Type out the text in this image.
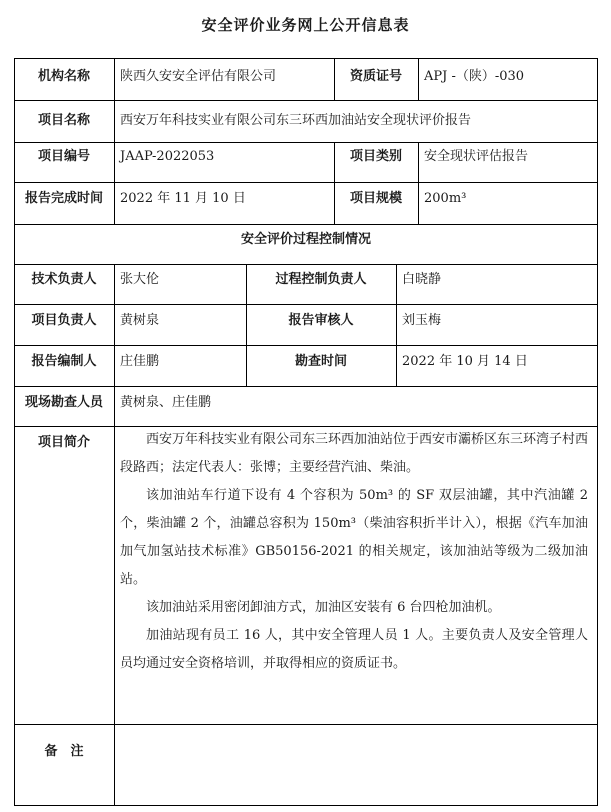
安全评价业务网上公开信息表
机构名称	陕西久安安全评估有限公司	资质证号	APJ -（陕）-030
项目名称	西安万年科技实业有限公司东三环西加油站安全现状评价报告
项目编号	JAAP-2022053	项目类别	安全现状评估报告
报告完成时间	2022 年 11 月 10 日	项目规模	200m³
安全评价过程控制情况
技术负责人	张大伦	过程控制负责人	白晓静
项目负责人	黄树泉	报告审核人	刘玉梅
报告编制人	庄佳鹏	勘查时间	2022 年 10 月 14 日
现场勘查人员	黄树泉、庄佳鹏
项目简介	西安万年科技实业有限公司东三环西加油站位于西安市灞桥区东三环湾子村西段路西；法定代表人：张博；主要经营汽油、柴油。

该加油站车行道下设有 4 个容积为 50m³ 的 SF 双层油罐，其中汽油罐 2 个，柴油罐 2 个，油罐总容积为 150m³（柴油容积折半计入），根据《汽车加油加气加氢站技术标准》GB50156-2021 的相关规定，该加油站等级为二级加油站。

该加油站采用密闭卸油方式，加油区安装有 6 台四枪加油机。

加油站现有员工 16 人，其中安全管理人员 1 人。主要负责人及安全管理人员均通过安全资格培训，并取得相应的资质证书。

备　注
